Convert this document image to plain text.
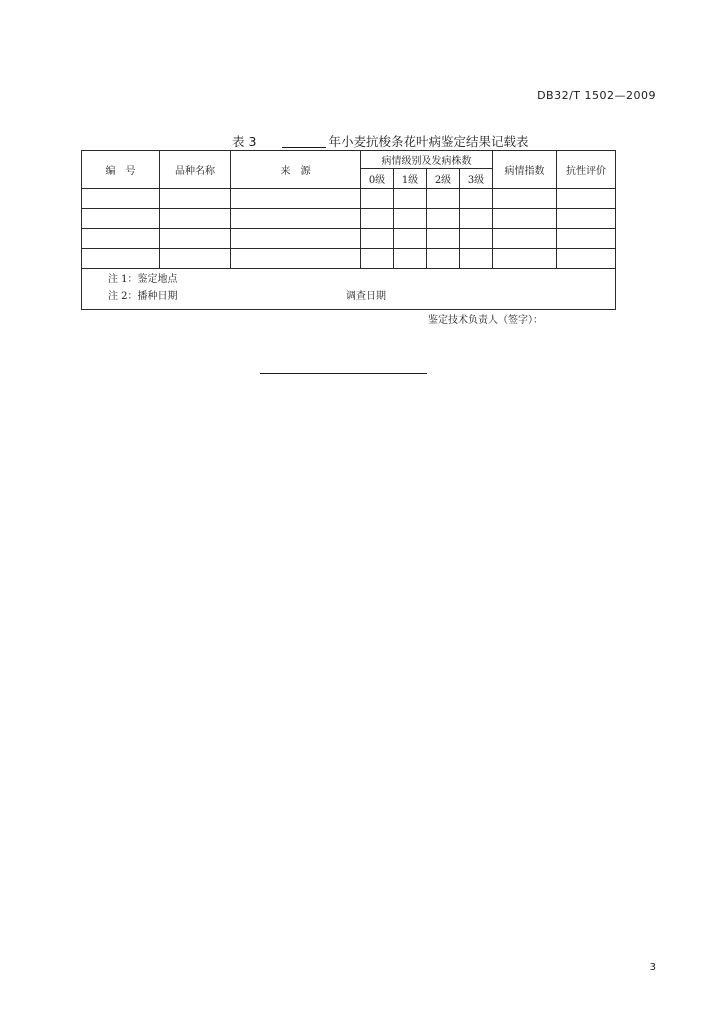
DB32/T 1502—2009
表 3	年小麦抗梭条花叶病鉴定结果记载表
编　号	品种名称	来　源	病情级别及发病株数				病情指数	抗性评价
			0级	1级	2级	3级		

注 1：鉴定地点
注 2：播种日期 调查日期								
鉴定技术负责人（签字）：
3
